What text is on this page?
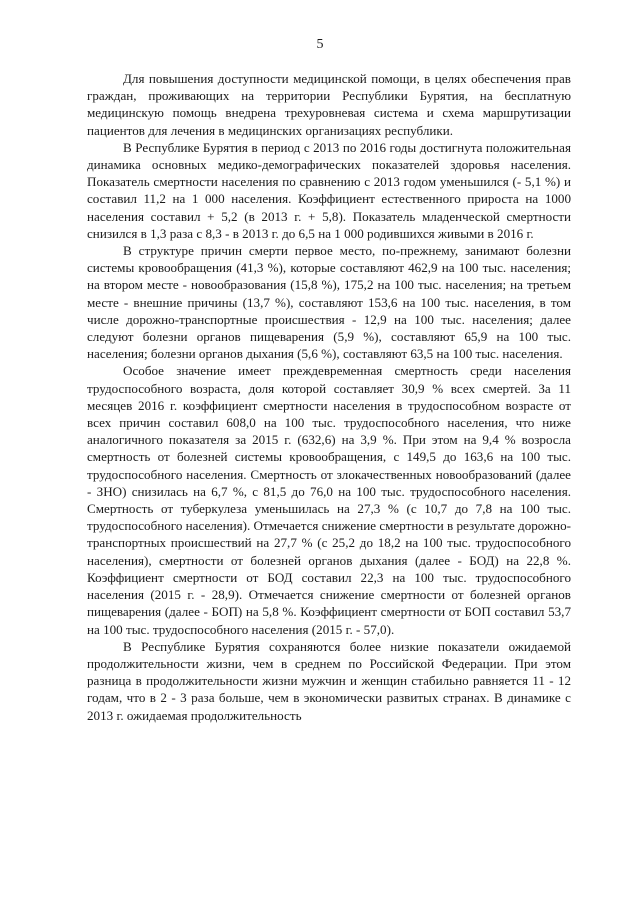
5

Для повышения доступности медицинской помощи, в целях обеспечения прав граждан, проживающих на территории Республики Бурятия, на бесплатную медицинскую помощь внедрена трехуровневая система и схема маршрутизации пациентов для лечения в медицинских организациях республики.

В Республике Бурятия в период с 2013 по 2016 годы достигнута положительная динамика основных медико-демографических показателей здоровья населения. Показатель смертности населения по сравнению с 2013 годом уменьшился (- 5,1 %) и составил 11,2 на 1 000 населения. Коэффициент естественного прироста на 1000 населения составил + 5,2 (в 2013 г. + 5,8). Показатель младенческой смертности снизился в 1,3 раза с 8,3 - в 2013 г. до 6,5 на 1 000 родившихся живыми в 2016 г.

В структуре причин смерти первое место, по-прежнему, занимают болезни системы кровообращения (41,3 %), которые составляют 462,9 на 100 тыс. населения; на втором месте - новообразования (15,8 %), 175,2 на 100 тыс. населения; на третьем месте - внешние причины (13,7 %), составляют 153,6 на 100 тыс. населения, в том числе дорожно-транспортные происшествия - 12,9 на 100 тыс. населения; далее следуют болезни органов пищеварения (5,9 %), составляют 65,9 на 100 тыс. населения; болезни органов дыхания (5,6 %), составляют 63,5 на 100 тыс. населения.

Особое значение имеет преждевременная смертность среди населения трудоспособного возраста, доля которой составляет 30,9 % всех смертей. За 11 месяцев 2016 г. коэффициент смертности населения в трудоспособном возрасте от всех причин составил 608,0 на 100 тыс. трудоспособного населения, что ниже аналогичного показателя за 2015 г. (632,6) на 3,9 %. При этом на 9,4 % возросла смертность от болезней системы кровообращения, с 149,5 до 163,6 на 100 тыс. трудоспособного населения. Смертность от злокачественных новообразований (далее - ЗНО) снизилась на 6,7 %, с 81,5 до 76,0 на 100 тыс. трудоспособного населения. Смертность от туберкулеза уменьшилась на 27,3 % (с 10,7 до 7,8 на 100 тыс. трудоспособного населения). Отмечается снижение смертности в результате дорожно-транспортных происшествий на 27,7 % (с 25,2 до 18,2 на 100 тыс. трудоспособного населения), смертности от болезней органов дыхания (далее - БОД) на 22,8 %. Коэффициент смертности от БОД составил 22,3 на 100 тыс. трудоспособного населения (2015 г. - 28,9). Отмечается снижение смертности от болезней органов пищеварения (далее - БОП) на 5,8 %. Коэффициент смертности от БОП составил 53,7 на 100 тыс. трудоспособного населения (2015 г. - 57,0).

В Республике Бурятия сохраняются более низкие показатели ожидаемой продолжительности жизни, чем в среднем по Российской Федерации. При этом разница в продолжительности жизни мужчин и женщин стабильно равняется 11 - 12 годам, что в 2 - 3 раза больше, чем в экономически развитых странах. В динамике с 2013 г. ожидаемая продолжительность
